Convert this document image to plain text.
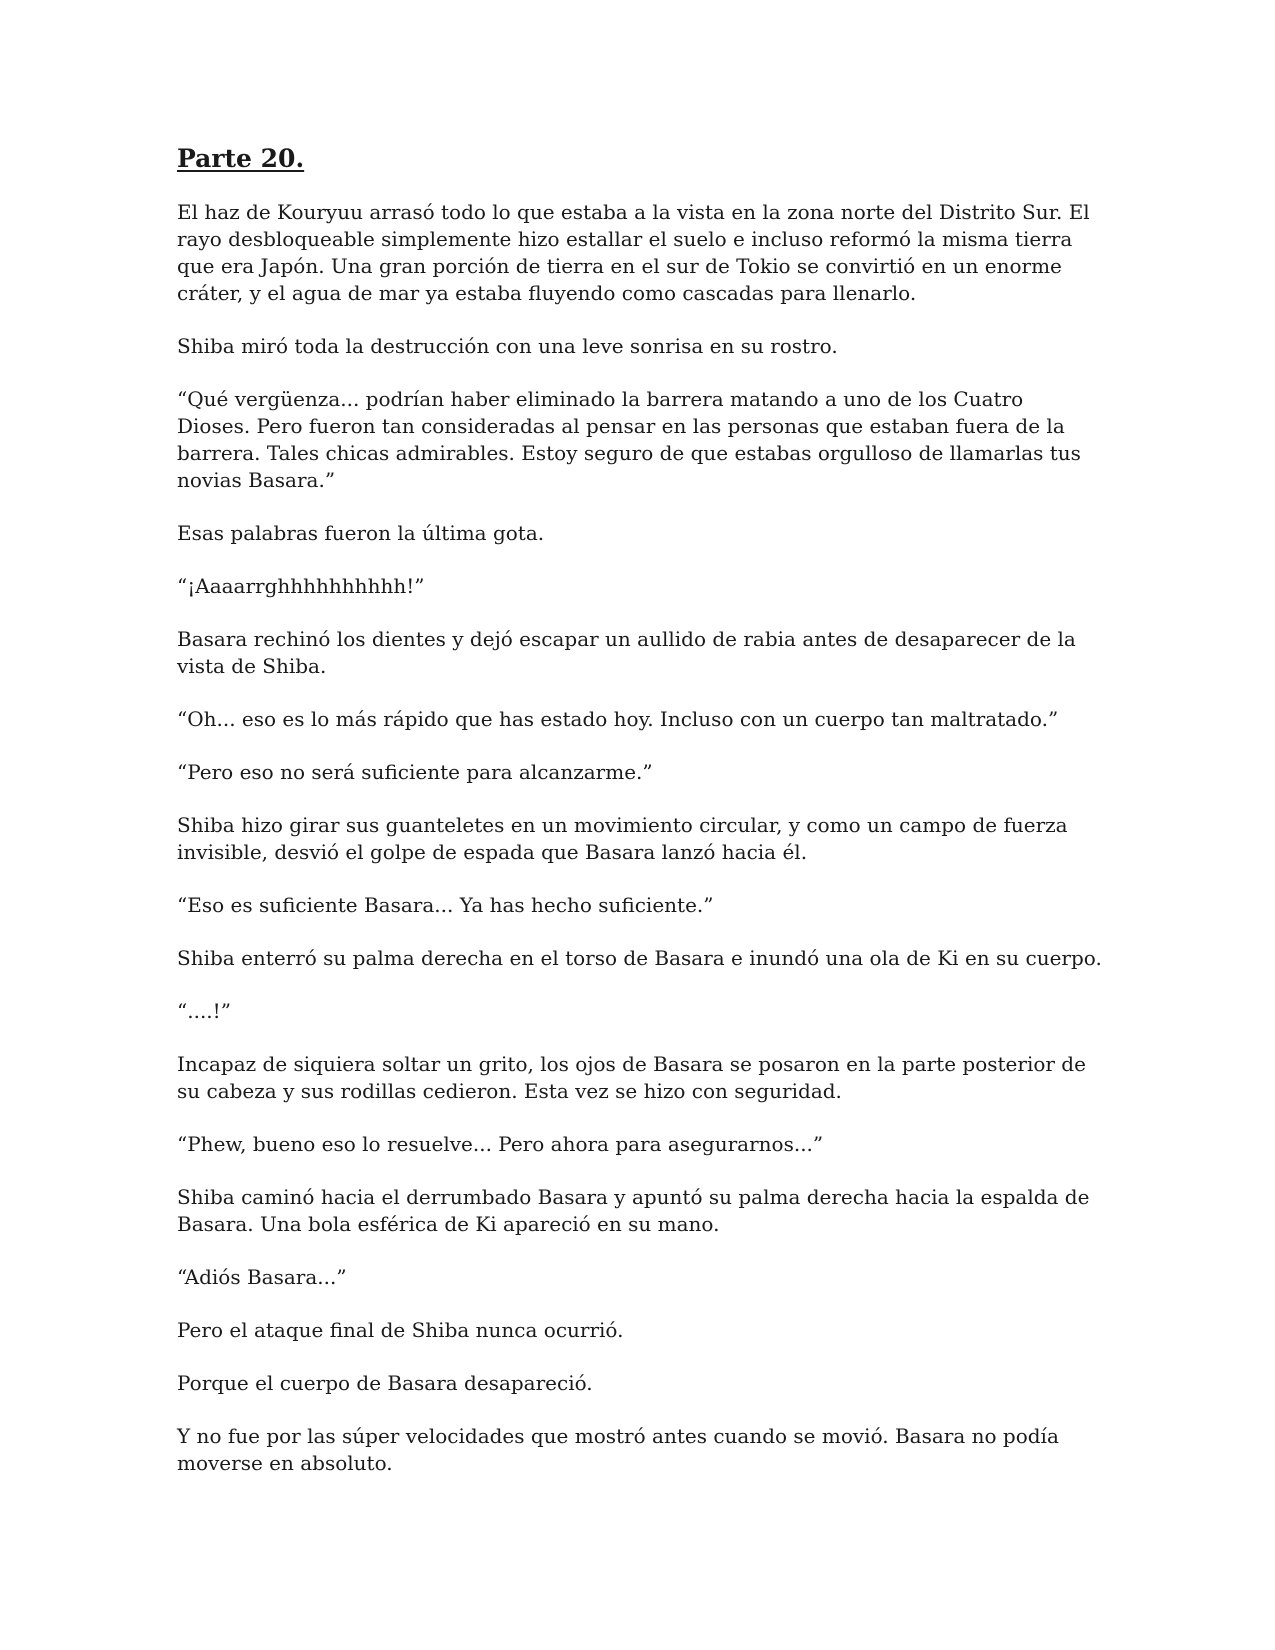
Parte 20.

El haz de Kouryuu arrasó todo lo que estaba a la vista en la zona norte del Distrito Sur. El rayo desbloqueable simplemente hizo estallar el suelo e incluso reformó la misma tierra que era Japón. Una gran porción de tierra en el sur de Tokio se convirtió en un enorme cráter, y el agua de mar ya estaba fluyendo como cascadas para llenarlo.

Shiba miró toda la destrucción con una leve sonrisa en su rostro.

“Qué vergüenza... podrían haber eliminado la barrera matando a uno de los Cuatro Dioses. Pero fueron tan consideradas al pensar en las personas que estaban fuera de la barrera. Tales chicas admirables. Estoy seguro de que estabas orgulloso de llamarlas tus novias Basara.”

Esas palabras fueron la última gota.

“¡Aaaarrghhhhhhhhhh!”

Basara rechinó los dientes y dejó escapar un aullido de rabia antes de desaparecer de la vista de Shiba.

“Oh... eso es lo más rápido que has estado hoy. Incluso con un cuerpo tan maltratado.”

“Pero eso no será suficiente para alcanzarme.”

Shiba hizo girar sus guanteletes en un movimiento circular, y como un campo de fuerza invisible, desvió el golpe de espada que Basara lanzó hacia él.

“Eso es suficiente Basara... Ya has hecho suficiente.”

Shiba enterró su palma derecha en el torso de Basara e inundó una ola de Ki en su cuerpo.

“....!”

Incapaz de siquiera soltar un grito, los ojos de Basara se posaron en la parte posterior de su cabeza y sus rodillas cedieron. Esta vez se hizo con seguridad.

“Phew, bueno eso lo resuelve... Pero ahora para asegurarnos...”

Shiba caminó hacia el derrumbado Basara y apuntó su palma derecha hacia la espalda de Basara. Una bola esférica de Ki apareció en su mano.

“Adiós Basara...”

Pero el ataque final de Shiba nunca ocurrió.

Porque el cuerpo de Basara desapareció.

Y no fue por las súper velocidades que mostró antes cuando se movió. Basara no podía moverse en absoluto.
